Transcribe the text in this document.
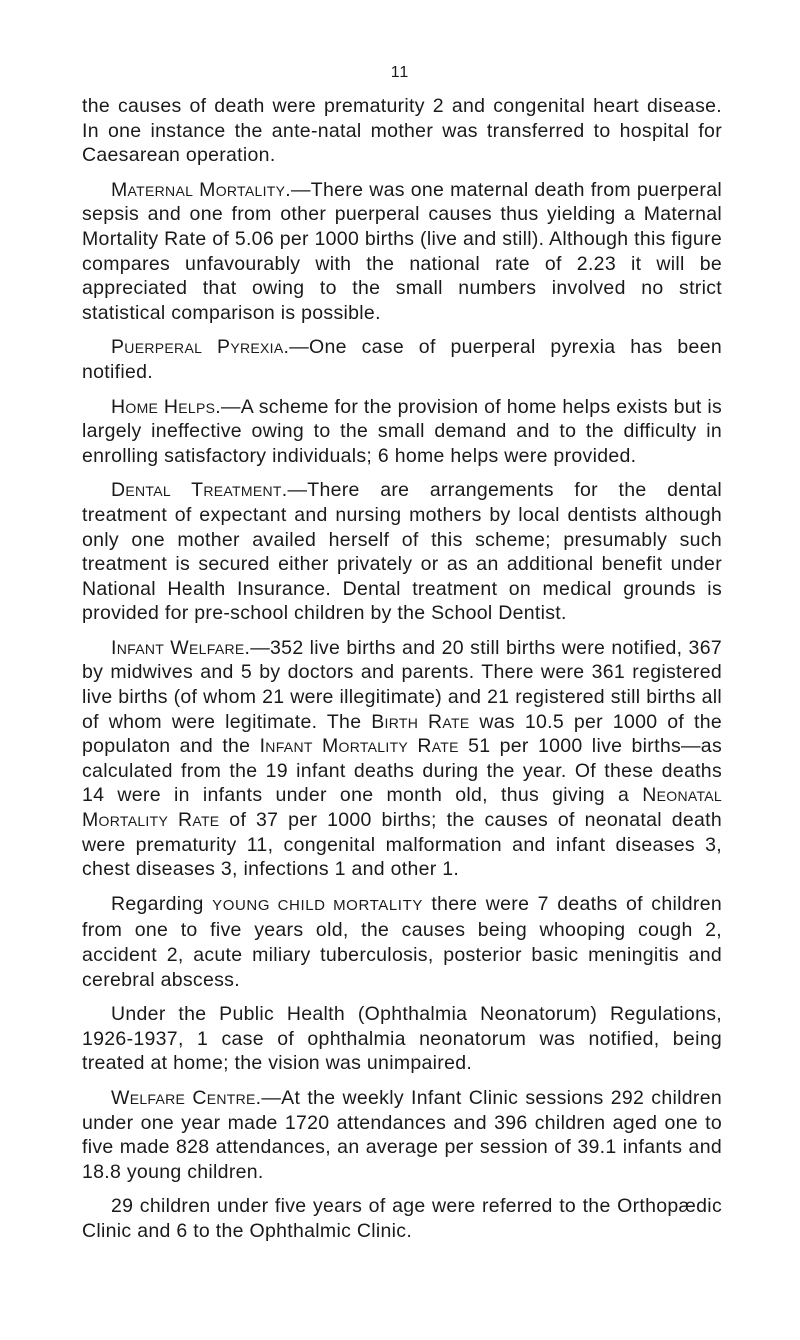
11

the causes of death were prematurity 2 and congenital heart disease. In one instance the ante-natal mother was transferred to hospital for Caesarean operation.

Maternal Mortality.—There was one maternal death from puerperal sepsis and one from other puerperal causes thus yielding a Maternal Mortality Rate of 5.06 per 1000 births (live and still). Although this figure compares unfavourably with the national rate of 2.23 it will be appreciated that owing to the small numbers involved no strict statistical comparison is possible.

Puerperal Pyrexia.—One case of puerperal pyrexia has been notified.

Home Helps.—A scheme for the provision of home helps exists but is largely ineffective owing to the small demand and to the difficulty in enrolling satisfactory individuals; 6 home helps were provided.

Dental Treatment.—There are arrangements for the dental treatment of expectant and nursing mothers by local dentists although only one mother availed herself of this scheme; presumably such treatment is secured either privately or as an additional benefit under National Health Insurance. Dental treatment on medical grounds is provided for pre-school children by the School Dentist.

Infant Welfare.—352 live births and 20 still births were notified, 367 by midwives and 5 by doctors and parents. There were 361 registered live births (of whom 21 were illegitimate) and 21 registered still births all of whom were legitimate. The Birth Rate was 10.5 per 1000 of the populaton and the Infant Mortality Rate 51 per 1000 live births—as calculated from the 19 infant deaths during the year. Of these deaths 14 were in infants under one month old, thus giving a Neonatal Mortality Rate of 37 per 1000 births; the causes of neonatal death were prematurity 11, congenital malformation and infant diseases 3, chest diseases 3, infections 1 and other 1.

Regarding YOUNG CHILD MORTALITY there were 7 deaths of children from one to five years old, the causes being whooping cough 2, accident 2, acute miliary tuberculosis, posterior basic meningitis and cerebral abscess.

Under the Public Health (Ophthalmia Neonatorum) Regulations, 1926-1937, 1 case of ophthalmia neonatorum was notified, being treated at home; the vision was unimpaired.

Welfare Centre.—At the weekly Infant Clinic sessions 292 children under one year made 1720 attendances and 396 children aged one to five made 828 attendances, an average per session of 39.1 infants and 18.8 young children.

29 children under five years of age were referred to the Orthopædic Clinic and 6 to the Ophthalmic Clinic.
